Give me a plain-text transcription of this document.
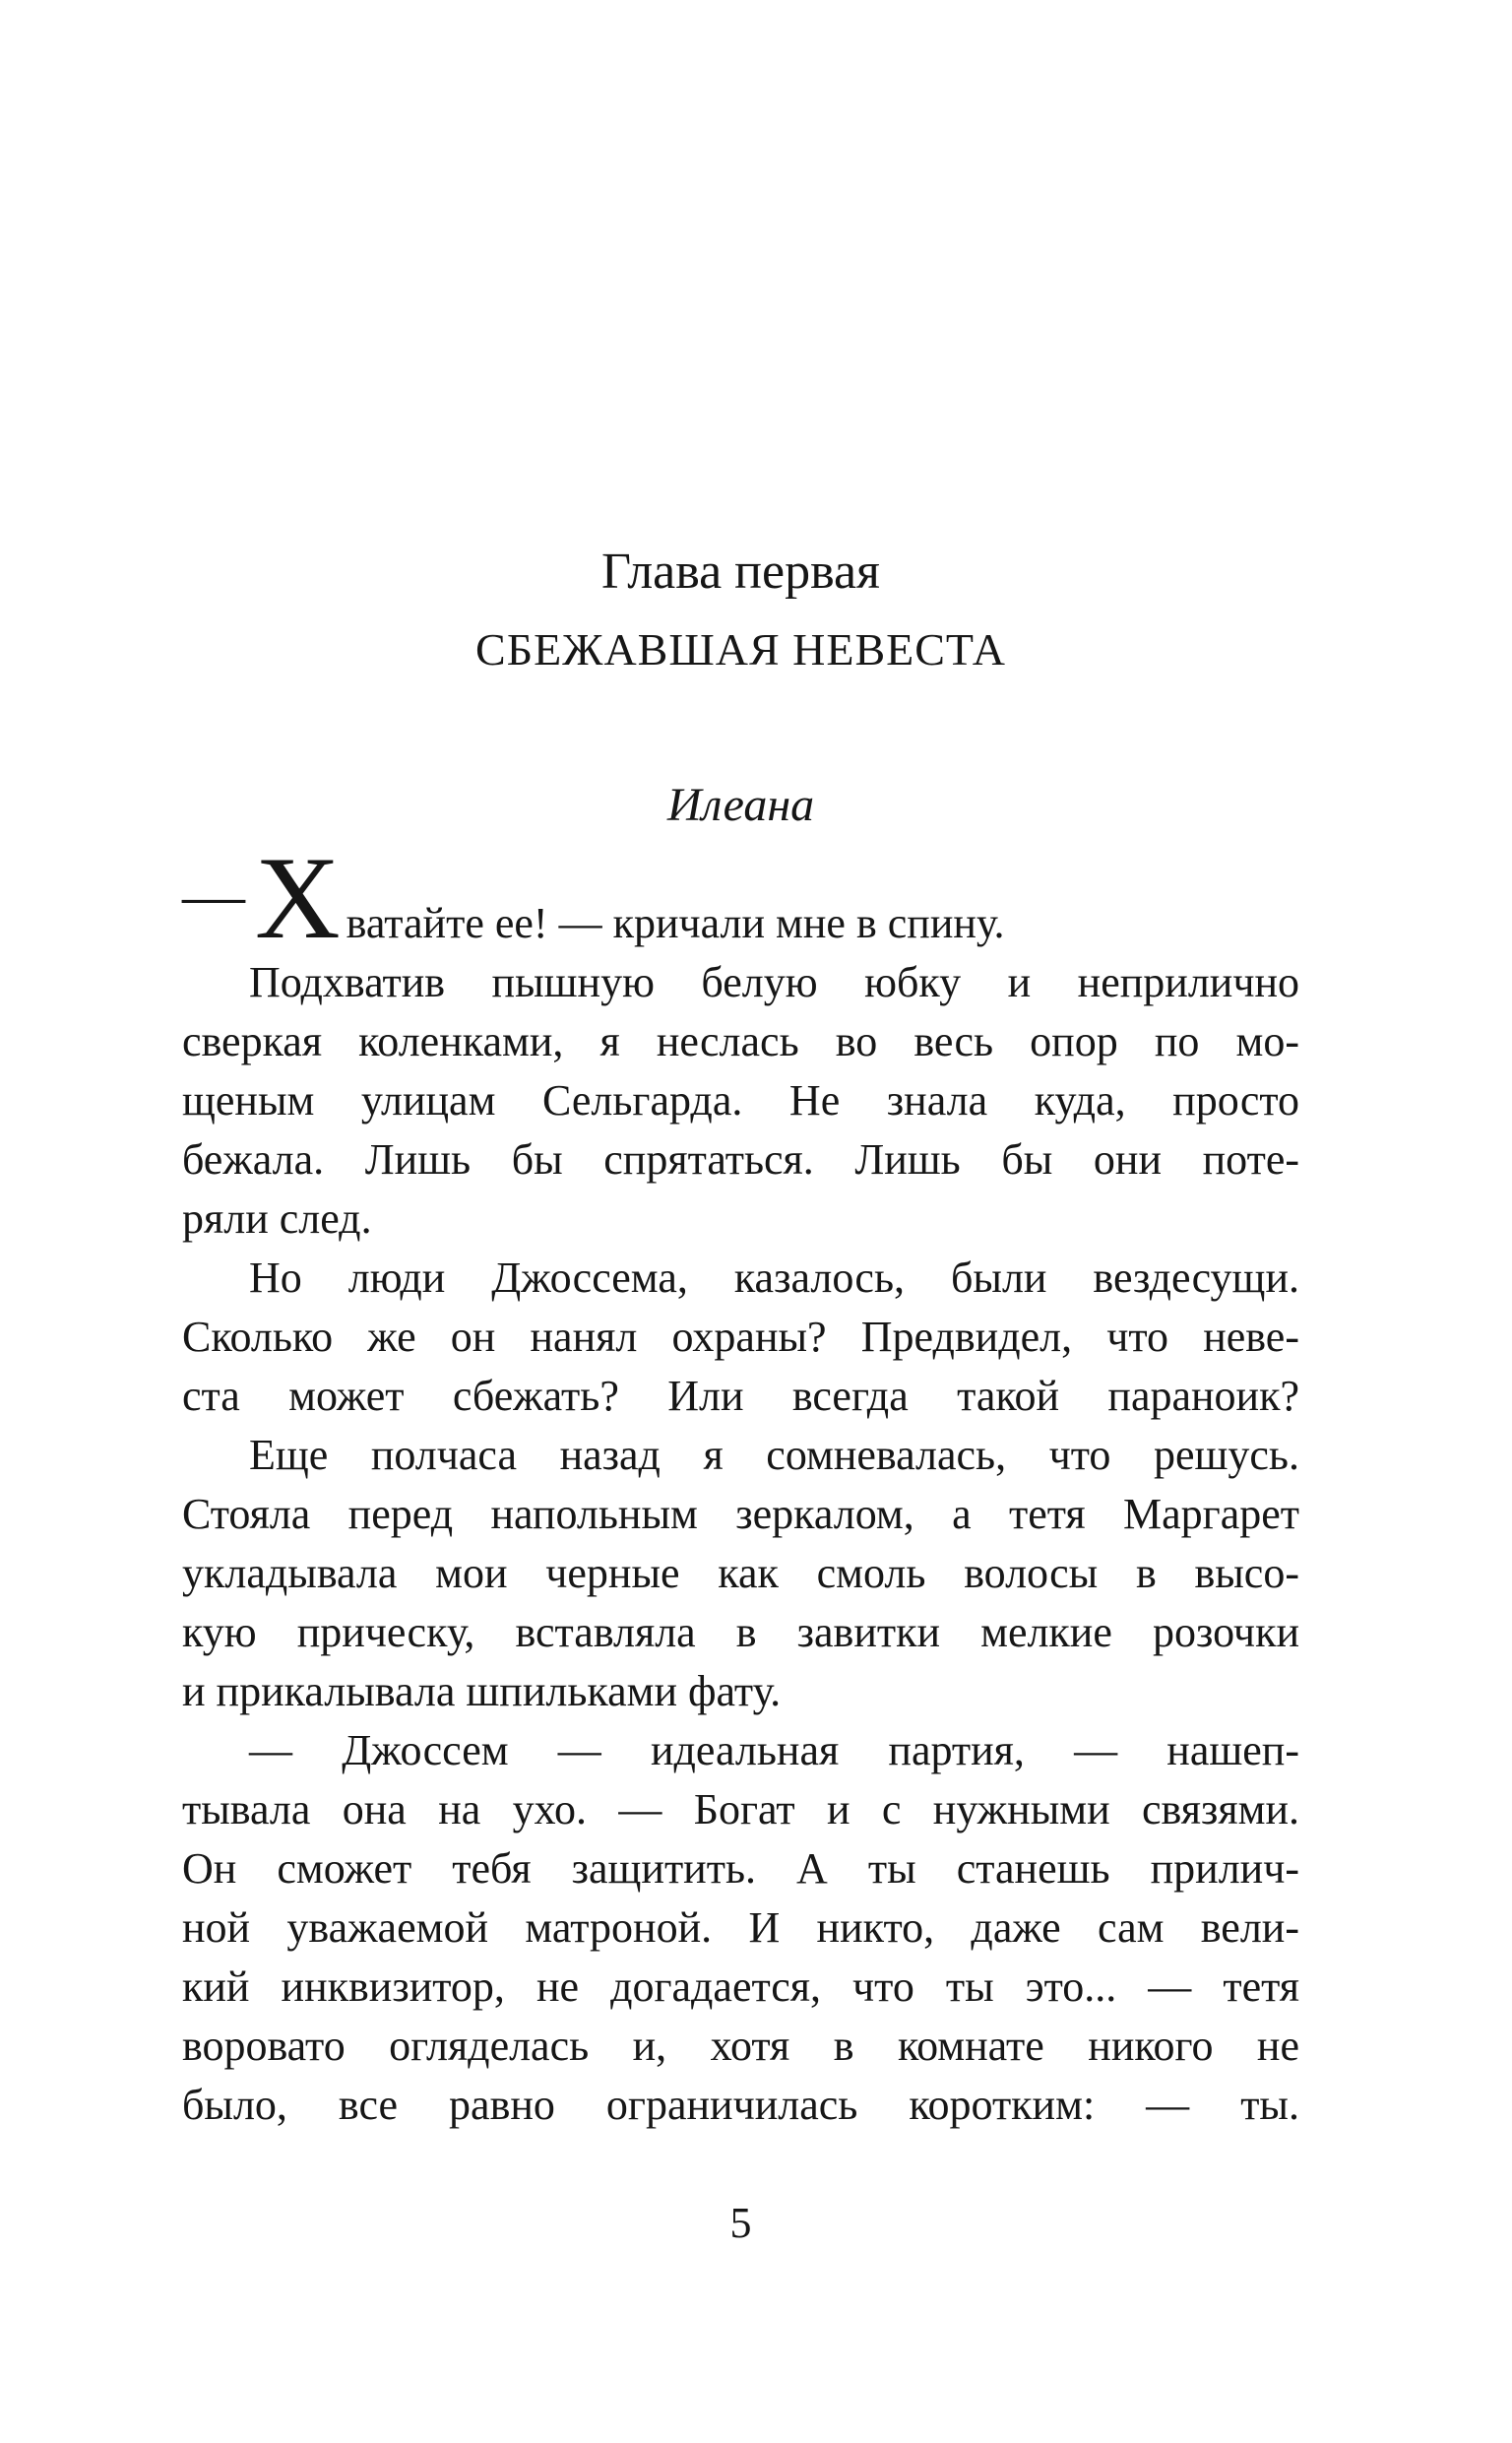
Глава первая
СБЕЖАВШАЯ НЕВЕСТА
Илеана

—Х ватайте ее! — кричали мне в спину.

Подхватив пышную белую юбку и неприлично

сверкая коленками, я неслась во весь опор по мо-

щеным улицам Сельгарда. Не знала куда, просто

бежала. Лишь бы спрятаться. Лишь бы они поте-

ряли след.

Но люди Джоссема, казалось, были вездесущи.

Сколько же он нанял охраны? Предвидел, что неве-

ста может сбежать? Или всегда такой параноик?

Еще полчаса назад я сомневалась, что решусь.

Стояла перед напольным зеркалом, а тетя Маргарет

укладывала мои черные как смоль волосы в высо-

кую прическу, вставляла в завитки мелкие розочки

и прикалывала шпильками фату.

— Джоссем — идеальная партия, — нашеп-

тывала она на ухо. — Богат и с нужными связями.

Он сможет тебя защитить. А ты станешь прилич-

ной уважаемой матроной. И никто, даже сам вели-

кий инквизитор, не догадается, что ты это... — тетя

воровато огляделась и, хотя в комнате никого не

было, все равно ограничилась коротким: — ты.

5
